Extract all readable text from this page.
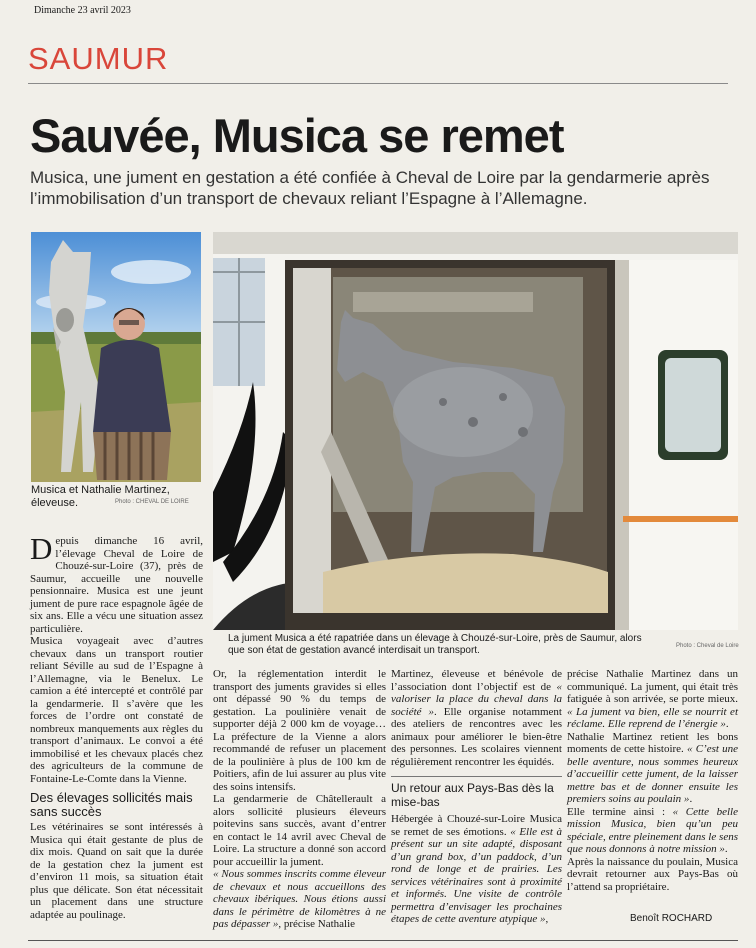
Dimanche 23 avril 2023
SAUMUR
Sauvée, Musica se remet
Musica, une jument en gestation a été confiée à Cheval de Loire par la gendarmerie après l’immobilisation d’un transport de chevaux reliant l’Espagne à l’Allemagne.
Musica et Nathalie Martinez, éleveuse.	Photo : CHEVAL DE LOIRE
La jument Musica a été rapatriée dans un élevage à Chouzé-sur-Loire, près de Saumur, alors que son état de gestation avancé interdisait un transport.	Photo : Cheval de Loire

Depuis dimanche 16 avril, l’élevage Cheval de Loire de Chouzé-sur-Loire (37), près de Saumur, accueille une nouvelle pensionnaire. Musica est une jeunt jument de pure race espagnole âgée de six ans. Elle a vécu une situation assez particulière.

Musica voyageait avec d’autres chevaux dans un transport routier reliant Séville au sud de l’Espagne à l’Allemagne, via le Benelux. Le camion a été intercepté et contrôlé par la gendarmerie. Il s’avère que les forces de l’ordre ont constaté de nombreux manquements aux règles du transport d’animaux. Le convoi a été immobilisé et les chevaux placés chez des agriculteurs de la commune de Fontaine-Le-Comte dans la Vienne.

Des élevages sollicités mais sans succès

Les vétérinaires se sont intéressés à Musica qui était gestante de plus de dix mois. Quand on sait que la durée de la gestation chez la jument est d’environ 11 mois, sa situation était plus que délicate. Son état nécessitait un placement dans une structure adaptée au poulinage.

Or, la réglementation interdit le transport des juments gravides si elles ont dépassé 90 % du temps de gestation. La poulinière venait de supporter déjà 2 000 km de voyage… La préfecture de la Vienne a alors recommandé de refuser un placement de la poulinière à plus de 100 km de Poitiers, afin de lui assurer au plus vite des soins intensifs.

La gendarmerie de Châtellerault a alors sollicité plusieurs éleveurs poitevins sans succès, avant d’entrer en contact le 14 avril avec Cheval de Loire. La structure a donné son accord pour accueillir la jument.

« Nous sommes inscrits comme éleveur de chevaux et nous accueillons des chevaux ibériques. Nous étions aussi dans le périmètre de kilomètres à ne pas dépasser », précise Nathalie

Martinez, éleveuse et bénévole de l’association dont l’objectif est de « valoriser la place du cheval dans la société ». Elle organise notamment des ateliers de rencontres avec les animaux pour améliorer le bien-être des personnes. Les scolaires viennent régulièrement rencontrer les équidés.

Un retour aux Pays-Bas dès la mise-bas

Hébergée à Chouzé-sur-Loire Musica se remet de ses émotions. « Elle est à présent sur un site adapté, disposant d’un grand box, d’un paddock, d’un rond de longe et de prairies. Les services vétérinaires sont à proximité et informés. Une visite de contrôle permettra d’envisager les prochaines étapes de cette aventure atypique »,

précise Nathalie Martinez dans un communiqué. La jument, qui était très fatiguée à son arrivée, se porte mieux. « La jument va bien, elle se nourrit et réclame. Elle reprend de l’énergie ».

Nathalie Martinez retient les bons moments de cette histoire. « C’est une belle aventure, nous sommes heureux d’accueillir cette jument, de la laisser mettre bas et de donner ensuite les premiers soins au poulain ».

Elle termine ainsi : « Cette belle mission Musica, bien qu’un peu spéciale, entre pleinement dans le sens que nous donnons à notre mission ».

Après la naissance du poulain, Musica devrait retourner aux Pays-Bas où l’attend sa propriétaire.

Benoît ROCHARD
